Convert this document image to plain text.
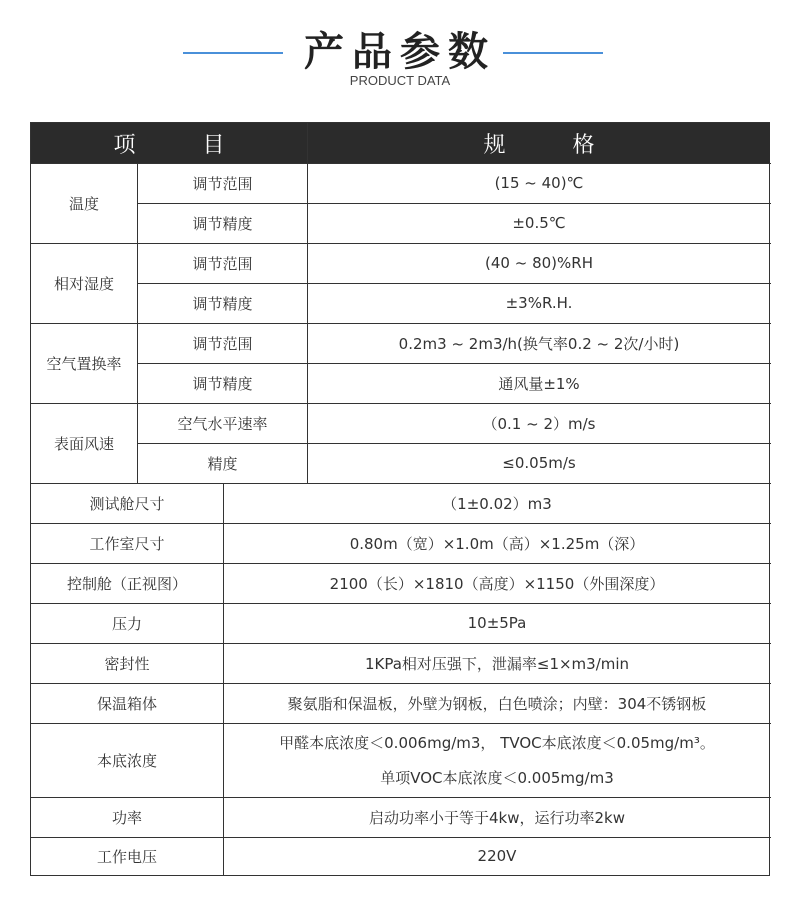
产品参数
PRODUCT DATA
项 目	规 格
温度
调节范围	(15 ~ 40)℃
调节精度	±0.5℃
相对湿度
调节范围	(40 ~ 80)%RH
调节精度	±3%R.H.
空气置换率
调节范围	0.2m3 ~ 2m3/h(换气率0.2 ~ 2次/小时)
调节精度	通风量±1%
表面风速
空气水平速率	（0.1 ~ 2）m/s
精度	≤0.05m/s
测试舱尺寸	（1±0.02）m3
工作室尺寸	0.80m（宽）×1.0m（高）×1.25m（深）
控制舱（正视图）	2100（长）×1810（高度）×1150（外围深度）
压力	10±5Pa
密封性	1KPa相对压强下，泄漏率≤1×m3/min
保温箱体	聚氨脂和保温板，外壁为钢板，白色喷涂；内壁：304不锈钢板
本底浓度
甲醛本底浓度＜0.006mg/m3， TVOC本底浓度＜0.05mg/m³。
单项VOC本底浓度＜0.005mg/m3
功率	启动功率小于等于4kw，运行功率2kw
工作电压	220V
